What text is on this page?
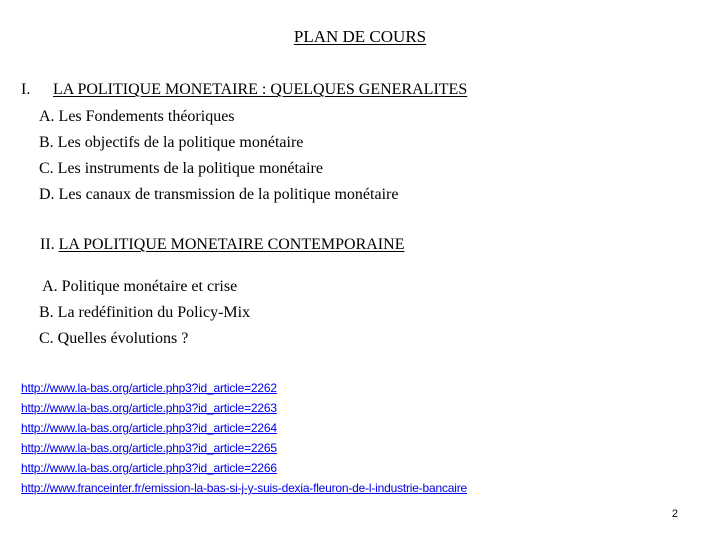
PLAN DE COURS
I. LA POLITIQUE MONETAIRE : QUELQUES GENERALITES
A. Les Fondements théoriques
B. Les objectifs de la politique monétaire
C. Les instruments de la politique monétaire
D. Les canaux de transmission de la politique monétaire
II. LA POLITIQUE MONETAIRE CONTEMPORAINE
A. Politique monétaire et crise
B. La redéfinition du Policy-Mix
C. Quelles évolutions ?
http://www.la-bas.org/article.php3?id_article=2262
http://www.la-bas.org/article.php3?id_article=2263
http://www.la-bas.org/article.php3?id_article=2264
http://www.la-bas.org/article.php3?id_article=2265
http://www.la-bas.org/article.php3?id_article=2266
http://www.franceinter.fr/emission-la-bas-si-j-y-suis-dexia-fleuron-de-l-industrie-bancaire
2
